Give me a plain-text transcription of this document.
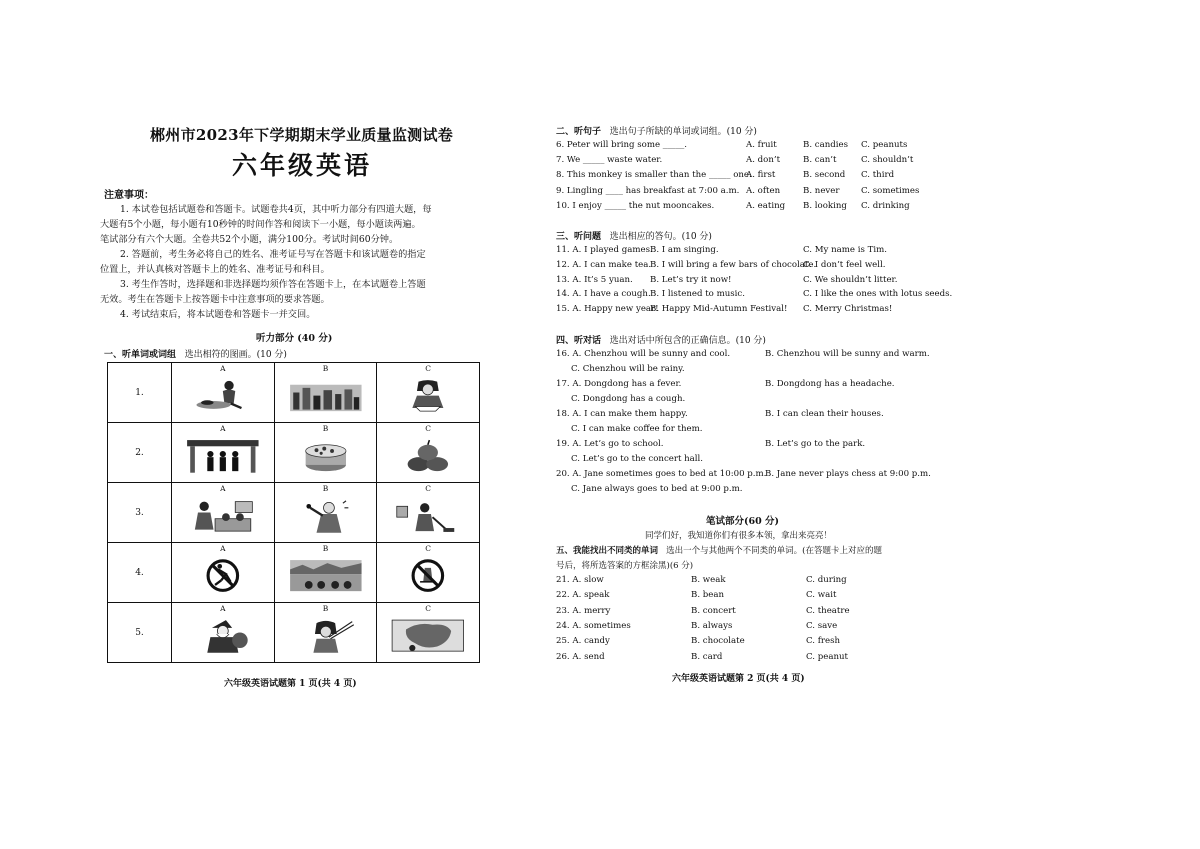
郴州市2023年下学期期末学业质量监测试卷
六年级英语
注意事项：

1. 本试卷包括试题卷和答题卡。试题卷共4页，其中听力部分有四道大题，每

大题有5个小题，每小题有10秒钟的时间作答和阅读下一小题，每小题读两遍。

笔试部分有六个大题。全卷共52个小题，满分100分。考试时间60分钟。

2. 答题前，考生务必将自己的姓名、准考证号写在答题卡和该试题卷的指定

位置上，并认真核对答题卡上的姓名、准考证号和科目。

3. 考生作答时，选择题和非选择题均须作答在答题卡上，在本试题卷上答题

无效。考生在答题卡上按答题卡中注意事项的要求答题。

4. 考试结束后，将本试题卷和答题卡一并交回。

听力部分 (40 分)
一、听单词或词组 选出相符的图画。(10 分)
1.	A	B	C

2.	A	B	C

3.	A	B	C

4.	A	B	C

5.	A	B	C
六年级英语试题第 1 页(共 4 页)
二、听句子 选出句子所缺的单词或词组。(10 分)
6. Peter will bring some _____.	A. fruit	B. candies C. peanuts
7. We _____ waste water.	A. don’t	B. can’t	C. shouldn’t
8. This monkey is smaller than the _____ one.
A. first	B. second C. third
9. Lingling ____ has breakfast at 7:00 a.m. A. often	B. never	C. sometimes
10. I enjoy _____ the nut mooncakes.	A. eating B. looking C. drinking
三、听问题 选出相应的答句。(10 分)
11. A. I played games.
B. I am singing.	C. My name is Tim.
12. A. I can make tea.
B. I will bring a few bars of chocolate.
C. I don’t feel well.
13. A. It’s 5 yuan. B. Let’s try it now!	C. We shouldn’t litter.
14. A. I have a cough. B. I listened to music.	C. I like the ones with lotus seeds.
15. A. Happy new year!
B. Happy Mid-Autumn Festival! C. Merry Christmas!
四、听对话 选出对话中所包含的正确信息。(10 分)
16. A. Chenzhou will be sunny and cool.	B. Chenzhou will be sunny and warm.
C. Chenzhou will be rainy.
17. A. Dongdong has a fever.	B. Dongdong has a headache.
C. Dongdong has a cough.
18. A. I can make them happy.	B. I can clean their houses.
C. I can make coffee for them.
19. A. Let’s go to school.	B. Let’s go to the park.
C. Let’s go to the concert hall.
20. A. Jane sometimes goes to bed at 10:00 p.m.
B. Jane never plays chess at 9:00 p.m.
C. Jane always goes to bed at 9:00 p.m.
笔试部分(60 分)
同学们好，我知道你们有很多本领，拿出来亮亮！
五、我能找出不同类的单词 选出一个与其他两个不同类的单词。(在答题卡上对应的题
号后，将所选答案的方框涂黑)(6 分)
21. A. slow	B. weak	C. during
22. A. speak	B. bean	C. wait
23. A. merry	B. concert	C. theatre
24. A. sometimes	B. always	C. save
25. A. candy	B. chocolate	C. fresh
26. A. send	B. card	C. peanut
六年级英语试题第 2 页(共 4 页)
